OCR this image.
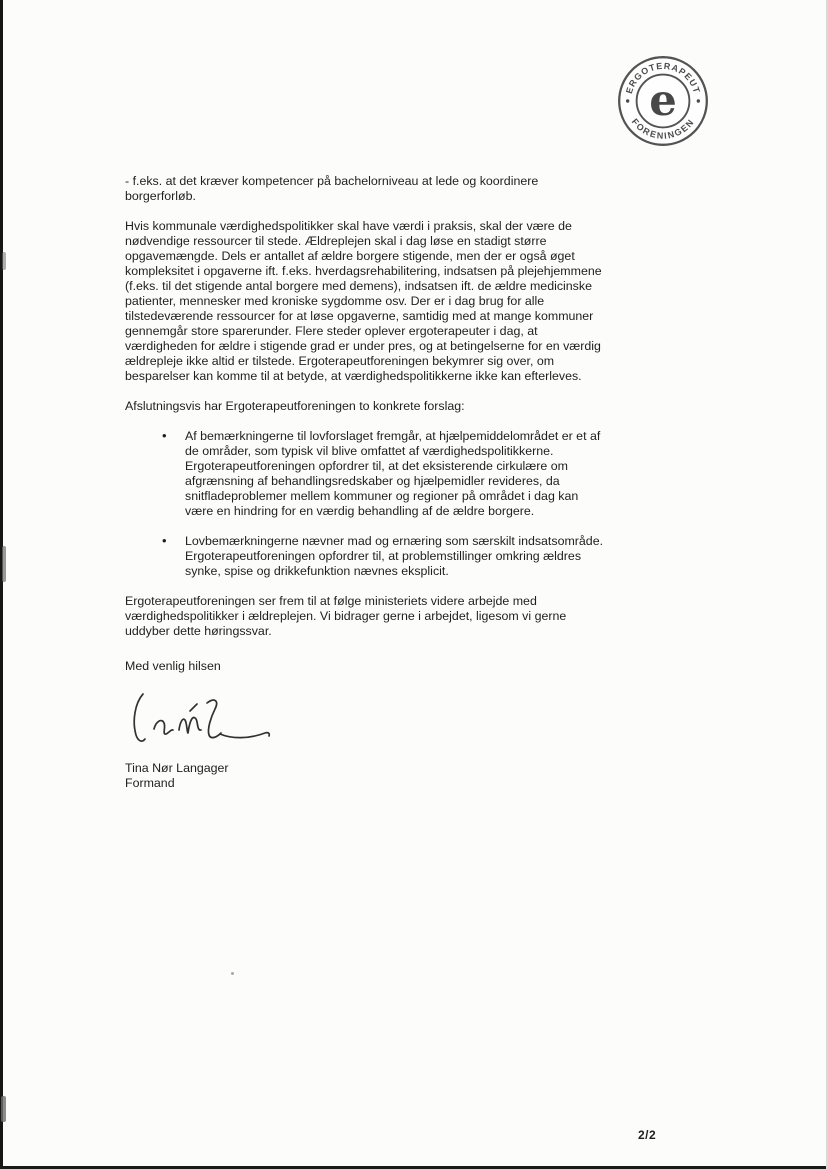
ERGOTERAPEUT
FORENINGEN
e

- f.eks. at det kræver kompetencer på bachelorniveau at lede og koordinere borgerforløb.

Hvis kommunale værdighedspolitikker skal have værdi i praksis, skal der være de nødvendige ressourcer til stede. Ældreplejen skal i dag løse en stadigt større opgavemængde. Dels er antallet af ældre borgere stigende, men der er også øget kompleksitet i opgaverne ift. f.eks. hverdagsrehabilitering, indsatsen på plejehjemmene (f.eks. til det stigende antal borgere med demens), indsatsen ift. de ældre medicinske patienter, mennesker med kroniske sygdomme osv. Der er i dag brug for alle tilstedeværende ressourcer for at løse opgaverne, samtidig med at mange kommuner gennemgår store sparerunder. Flere steder oplever ergoterapeuter i dag, at værdigheden for ældre i stigende grad er under pres, og at betingelserne for en værdig ældrepleje ikke altid er tilstede. Ergoterapeutforeningen bekymrer sig over, om besparelser kan komme til at betyde, at værdighedspolitikkerne ikke kan efterleves.

Afslutningsvis har Ergoterapeutforeningen to konkrete forslag:

• Af bemærkningerne til lovforslaget fremgår, at hjælpemiddelområdet er et af de områder, som typisk vil blive omfattet af værdighedspolitikkerne. Ergoterapeutforeningen opfordrer til, at det eksisterende cirkulære om afgrænsning af behandlingsredskaber og hjælpemidler revideres, da snitfladeproblemer mellem kommuner og regioner på området i dag kan være en hindring for en værdig behandling af de ældre borgere.
• Lovbemærkningerne nævner mad og ernæring som særskilt indsatsområde. Ergoterapeutforeningen opfordrer til, at problemstillinger omkring ældres synke, spise og drikkefunktion nævnes eksplicit.

Ergoterapeutforeningen ser frem til at følge ministeriets videre arbejde med værdighedspolitikker i ældreplejen. Vi bidrager gerne i arbejdet, ligesom vi gerne uddyber dette høringssvar.

Med venlig hilsen

Tina Nør Langager

Formand

2/2
